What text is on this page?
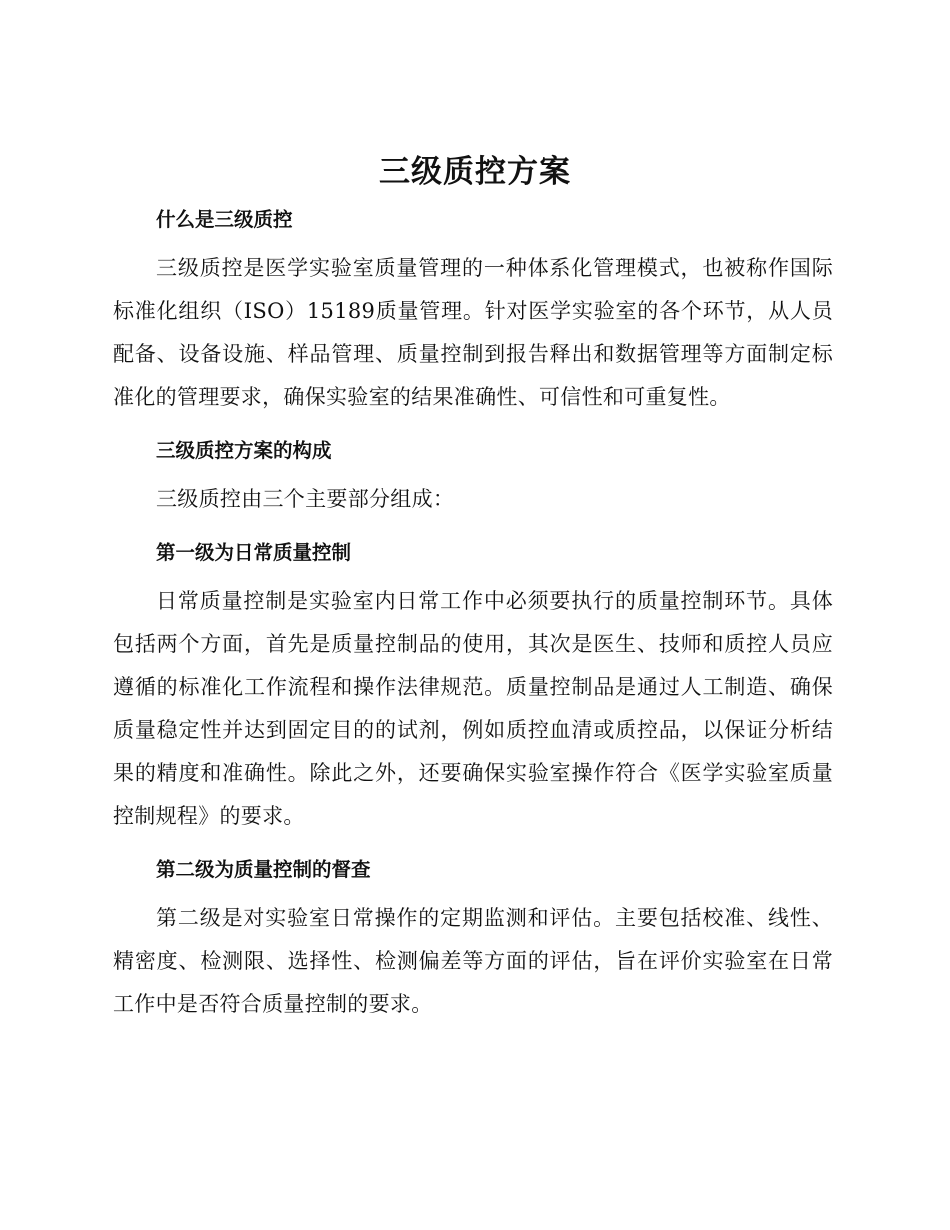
三级质控方案
什么是三级质控

三级质控是医学实验室质量管理的一种体系化管理模式，也被称作国际标准化组织（ISO）15189质量管理。针对医学实验室的各个环节，从人员配备、设备设施、样品管理、质量控制到报告释出和数据管理等方面制定标准化的管理要求，确保实验室的结果准确性、可信性和可重复性。

三级质控方案的构成

三级质控由三个主要部分组成：

第一级为日常质量控制

日常质量控制是实验室内日常工作中必须要执行的质量控制环节。具体包括两个方面，首先是质量控制品的使用，其次是医生、技师和质控人员应遵循的标准化工作流程和操作法律规范。质量控制品是通过人工制造、确保质量稳定性并达到固定目的的试剂，例如质控血清或质控品，以保证分析结果的精度和准确性。除此之外，还要确保实验室操作符合《医学实验室质量控制规程》的要求。

第二级为质量控制的督查

第二级是对实验室日常操作的定期监测和评估。主要包括校准、线性、精密度、检测限、选择性、检测偏差等方面的评估，旨在评价实验室在日常工作中是否符合质量控制的要求。
